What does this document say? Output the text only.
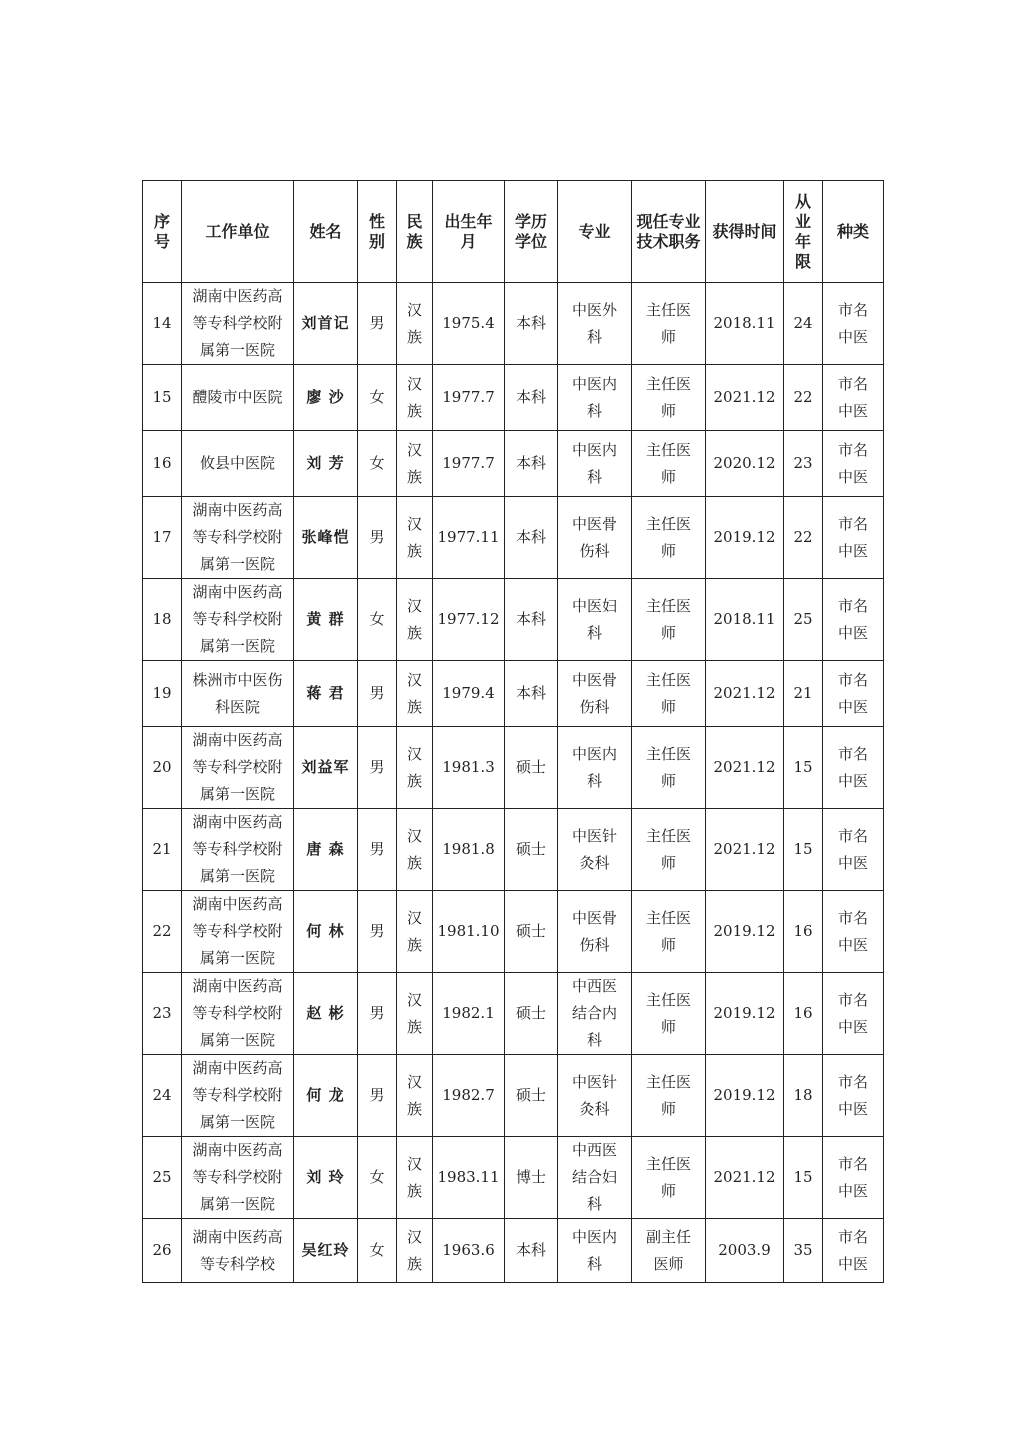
序号	工作单位	姓名	性别	民族	出生年月	学历学位	专业	现任专业技术职务	获得时间	从业年限	种类
14	湖南中医药高等专科学校附属第一医院	刘首记	男	汉族	1975.4	本科	中医外科	主任医师	2018.11	24	市名中医
15	醴陵市中医院	廖 沙	女	汉族	1977.7	本科	中医内科	主任医师	2021.12	22	市名中医
16	攸县中医院	刘 芳	女	汉族	1977.7	本科	中医内科	主任医师	2020.12	23	市名中医
17	湖南中医药高等专科学校附属第一医院	张峰恺	男	汉族	1977.11	本科	中医骨伤科	主任医师	2019.12	22	市名中医
18	湖南中医药高等专科学校附属第一医院	黄 群	女	汉族	1977.12	本科	中医妇科	主任医师	2018.11	25	市名中医
19	株洲市中医伤科医院	蒋 君	男	汉族	1979.4	本科	中医骨伤科	主任医师	2021.12	21	市名中医
20	湖南中医药高等专科学校附属第一医院	刘益军	男	汉族	1981.3	硕士	中医内科	主任医师	2021.12	15	市名中医
21	湖南中医药高等专科学校附属第一医院	唐 森	男	汉族	1981.8	硕士	中医针灸科	主任医师	2021.12	15	市名中医
22	湖南中医药高等专科学校附属第一医院	何 林	男	汉族	1981.10	硕士	中医骨伤科	主任医师	2019.12	16	市名中医
23	湖南中医药高等专科学校附属第一医院	赵 彬	男	汉族	1982.1	硕士	中西医结合内科	主任医师	2019.12	16	市名中医
24	湖南中医药高等专科学校附属第一医院	何 龙	男	汉族	1982.7	硕士	中医针灸科	主任医师	2019.12	18	市名中医
25	湖南中医药高等专科学校附属第一医院	刘 玲	女	汉族	1983.11	博士	中西医结合妇科	主任医师	2021.12	15	市名中医
26	湖南中医药高等专科学校	吴红玲	女	汉族	1963.6	本科	中医内科	副主任医师	2003.9	35	市名中医
